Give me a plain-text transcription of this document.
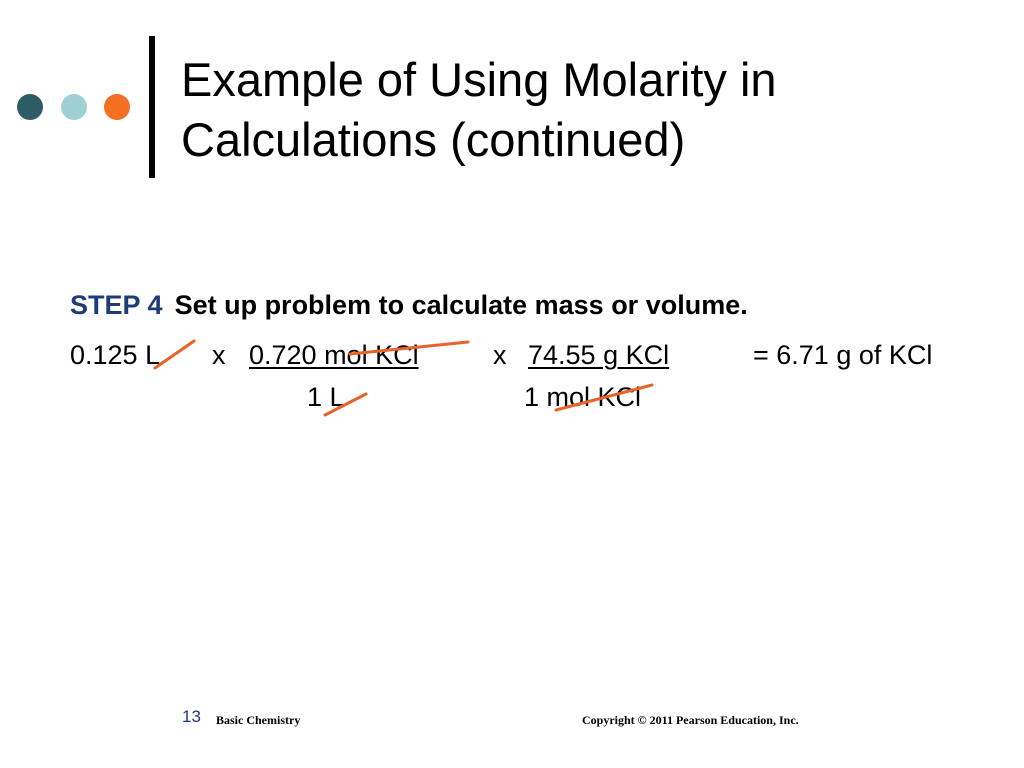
Example of Using Molarity in
Calculations (continued)
STEP 4 Set up problem to calculate mass or volume.
0.125 L x 0.720 mol KCl
1 L
x 74.55 g KCl
1 mol KCl
= 6.71 g of KCl
13 Basic Chemistry	Copyright © 2011 Pearson Education, Inc.
